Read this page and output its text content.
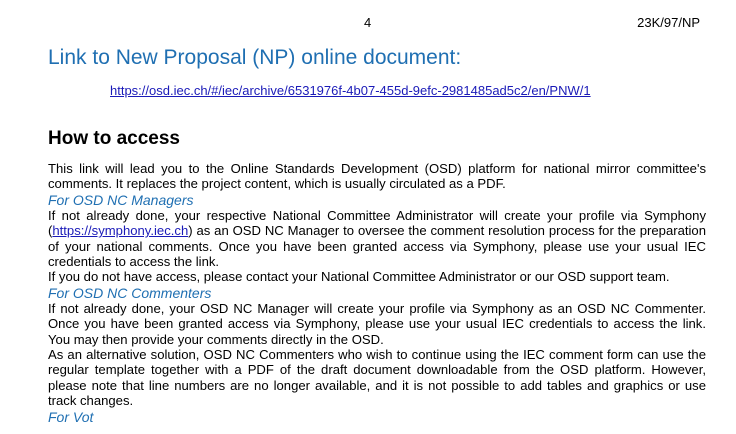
4	23K/97/NP
Link to New Proposal (NP) online document:
https://osd.iec.ch/#/iec/archive/6531976f-4b07-455d-9efc-2981485ad5c2/en/PNW/1
How to access

This link will lead you to the Online Standards Development (OSD) platform for national mirror committee's comments. It replaces the project content, which is usually circulated as a PDF.

For OSD NC Managers

If not already done, your respective National Committee Administrator will create your profile via Symphony (https://symphony.iec.ch) as an OSD NC Manager to oversee the comment resolution process for the preparation of your national comments. Once you have been granted access via Symphony, please use your usual IEC credentials to access the link.

If you do not have access, please contact your National Committee Administrator or our OSD support team.

For OSD NC Commenters

If not already done, your OSD NC Manager will create your profile via Symphony as an OSD NC Commenter. Once you have been granted access via Symphony, please use your usual IEC credentials to access the link. You may then provide your comments directly in the OSD.

As an alternative solution, OSD NC Commenters who wish to continue using the IEC comment form can use the regular template together with a PDF of the draft document downloadable from the OSD platform. However, please note that line numbers are no longer available, and it is not possible to add tables and graphics or use track changes.

For Vot
